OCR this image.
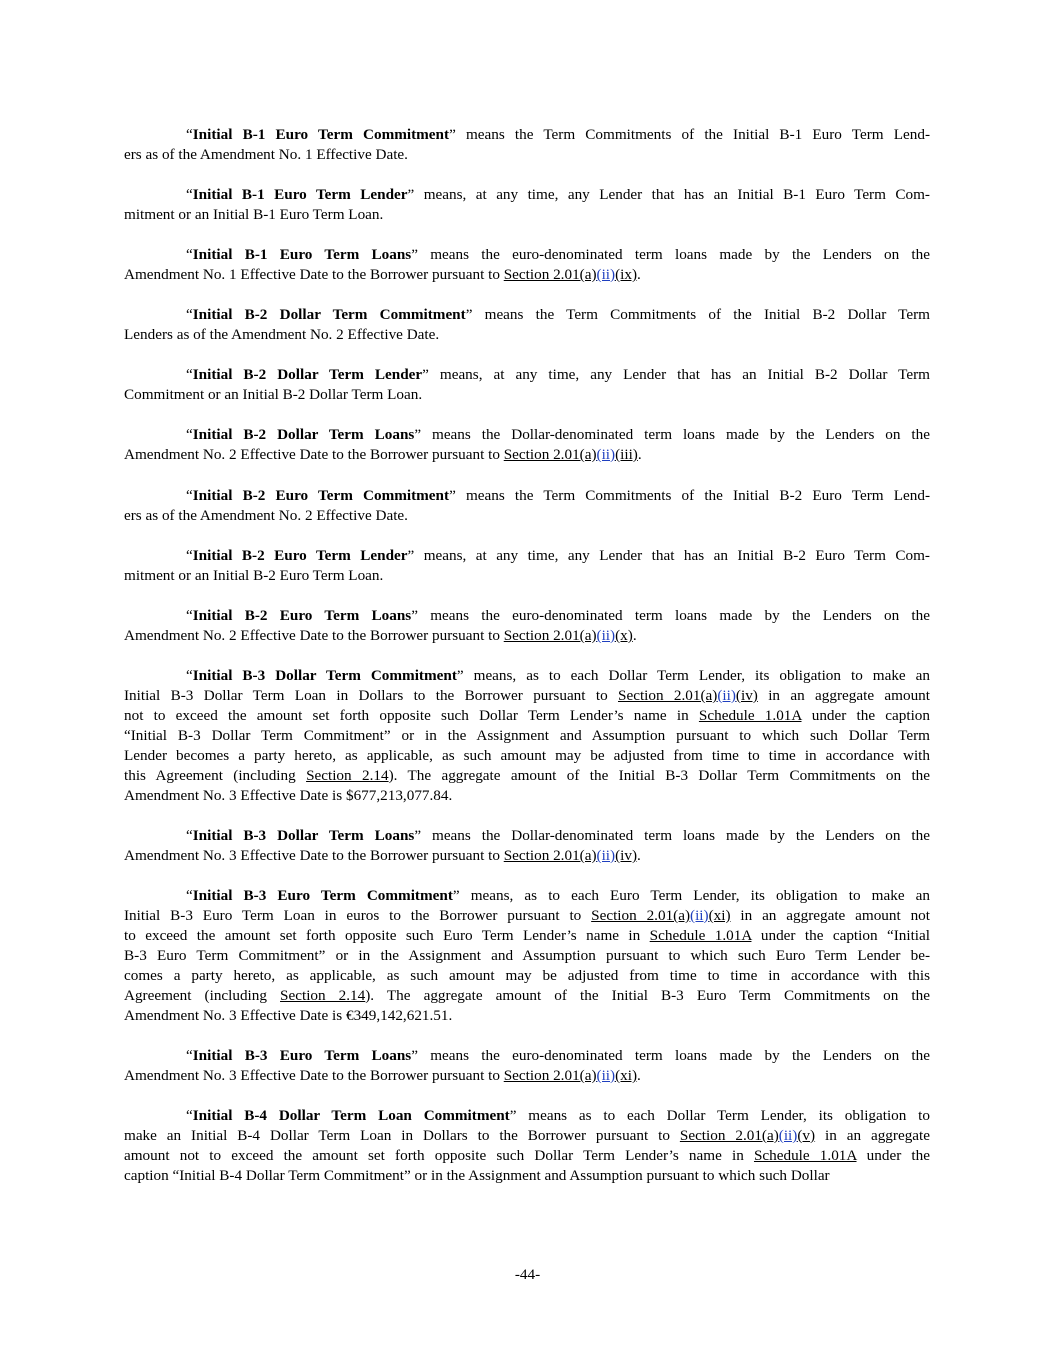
“Initial B-1 Euro Term Commitment” means the Term Commitments of the Initial B-1 Euro Term Lend-
ers as of the Amendment No. 1 Effective Date.
“Initial B-1 Euro Term Lender” means, at any time, any Lender that has an Initial B-1 Euro Term Com-
mitment or an Initial B-1 Euro Term Loan.
“Initial B-1 Euro Term Loans” means the euro-denominated term loans made by the Lenders on the
Amendment No. 1 Effective Date to the Borrower pursuant to Section 2.01(a)(ii)(ix).
“Initial B-2 Dollar Term Commitment” means the Term Commitments of the Initial B-2 Dollar Term
Lenders as of the Amendment No. 2 Effective Date.
“Initial B-2 Dollar Term Lender” means, at any time, any Lender that has an Initial B-2 Dollar Term
Commitment or an Initial B-2 Dollar Term Loan.
“Initial B-2 Dollar Term Loans” means the Dollar-denominated term loans made by the Lenders on the
Amendment No. 2 Effective Date to the Borrower pursuant to Section 2.01(a)(ii)(iii).
“Initial B-2 Euro Term Commitment” means the Term Commitments of the Initial B-2 Euro Term Lend-
ers as of the Amendment No. 2 Effective Date.
“Initial B-2 Euro Term Lender” means, at any time, any Lender that has an Initial B-2 Euro Term Com-
mitment or an Initial B-2 Euro Term Loan.
“Initial B-2 Euro Term Loans” means the euro-denominated term loans made by the Lenders on the
Amendment No. 2 Effective Date to the Borrower pursuant to Section 2.01(a)(ii)(x).
“Initial B-3 Dollar Term Commitment” means, as to each Dollar Term Lender, its obligation to make an
Initial B-3 Dollar Term Loan in Dollars to the Borrower pursuant to Section 2.01(a)(ii)(iv) in an aggregate amount
not to exceed the amount set forth opposite such Dollar Term Lender’s name in Schedule 1.01A under the caption
“Initial B-3 Dollar Term Commitment” or in the Assignment and Assumption pursuant to which such Dollar Term
Lender becomes a party hereto, as applicable, as such amount may be adjusted from time to time in accordance with
this Agreement (including Section 2.14). The aggregate amount of the Initial B-3 Dollar Term Commitments on the
Amendment No. 3 Effective Date is $677,213,077.84.
“Initial B-3 Dollar Term Loans” means the Dollar-denominated term loans made by the Lenders on the
Amendment No. 3 Effective Date to the Borrower pursuant to Section 2.01(a)(ii)(iv).
“Initial B-3 Euro Term Commitment” means, as to each Euro Term Lender, its obligation to make an
Initial B-3 Euro Term Loan in euros to the Borrower pursuant to Section 2.01(a)(ii)(xi) in an aggregate amount not
to exceed the amount set forth opposite such Euro Term Lender’s name in Schedule 1.01A under the caption “Initial
B-3 Euro Term Commitment” or in the Assignment and Assumption pursuant to which such Euro Term Lender be-
comes a party hereto, as applicable, as such amount may be adjusted from time to time in accordance with this
Agreement (including Section 2.14). The aggregate amount of the Initial B-3 Euro Term Commitments on the
Amendment No. 3 Effective Date is €349,142,621.51.
“Initial B-3 Euro Term Loans” means the euro-denominated term loans made by the Lenders on the
Amendment No. 3 Effective Date to the Borrower pursuant to Section 2.01(a)(ii)(xi).
“Initial B-4 Dollar Term Loan Commitment” means as to each Dollar Term Lender, its obligation to
make an Initial B-4 Dollar Term Loan in Dollars to the Borrower pursuant to Section 2.01(a)(ii)(v) in an aggregate
amount not to exceed the amount set forth opposite such Dollar Term Lender’s name in Schedule 1.01A under the
caption “Initial B-4 Dollar Term Commitment” or in the Assignment and Assumption pursuant to which such Dollar
-44-
